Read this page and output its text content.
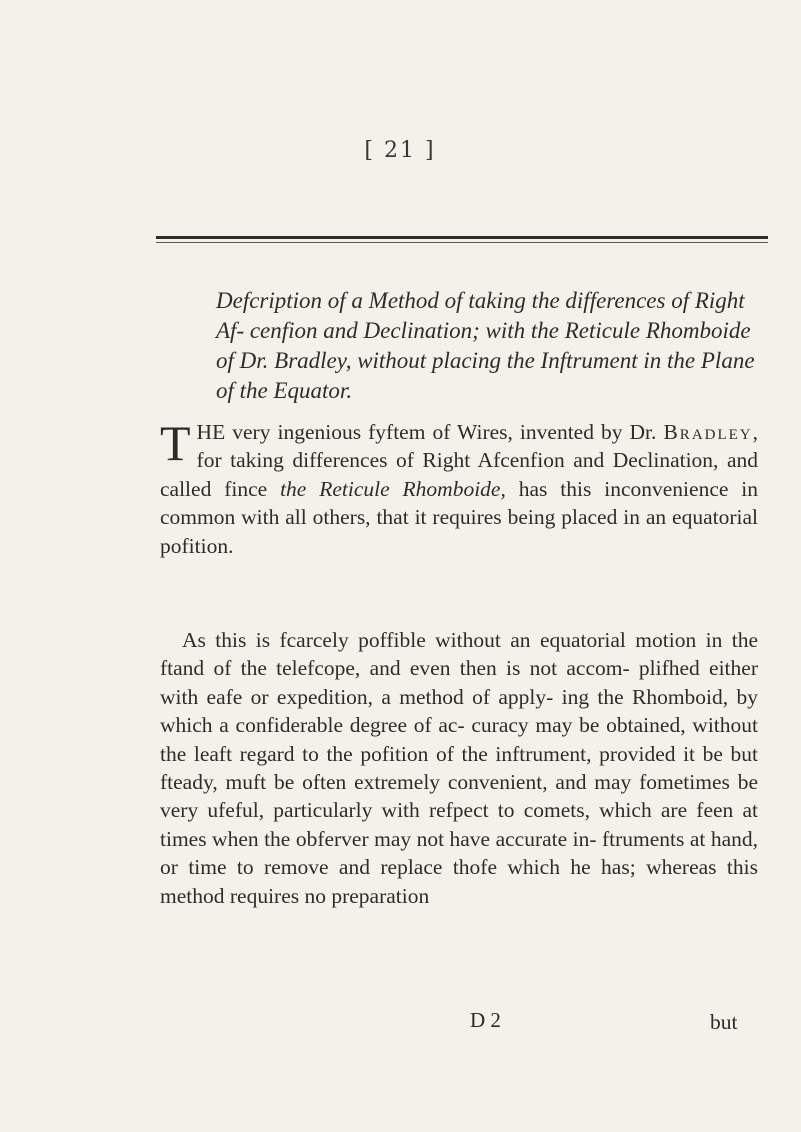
[ 21 ]
Defcription of a Method of taking the differences of Right Af- cenfion and Declination; with the Reticule Rhomboide of Dr. Bradley, without placing the Inftrument in the Plane of the Equator.
THE very ingenious fyftem of Wires, invented by Dr. Bradley, for taking differences of Right Afcenfion and Declination, and called fince the Reticule Rhomboide, has this inconvenience in common with all others, that it requires being placed in an equatorial pofition.
As this is fcarcely poffible without an equatorial motion in the ftand of the telefcope, and even then is not accom- plifhed either with eafe or expedition, a method of apply- ing the Rhomboid, by which a confiderable degree of ac- curacy may be obtained, without the leaft regard to the pofition of the inftrument, provided it be but fteady, muft be often extremely convenient, and may fometimes be very ufeful, particularly with refpect to comets, which are feen at times when the obferver may not have accurate in- ftruments at hand, or time to remove and replace thofe which he has; whereas this method requires no preparation
D 2	but
